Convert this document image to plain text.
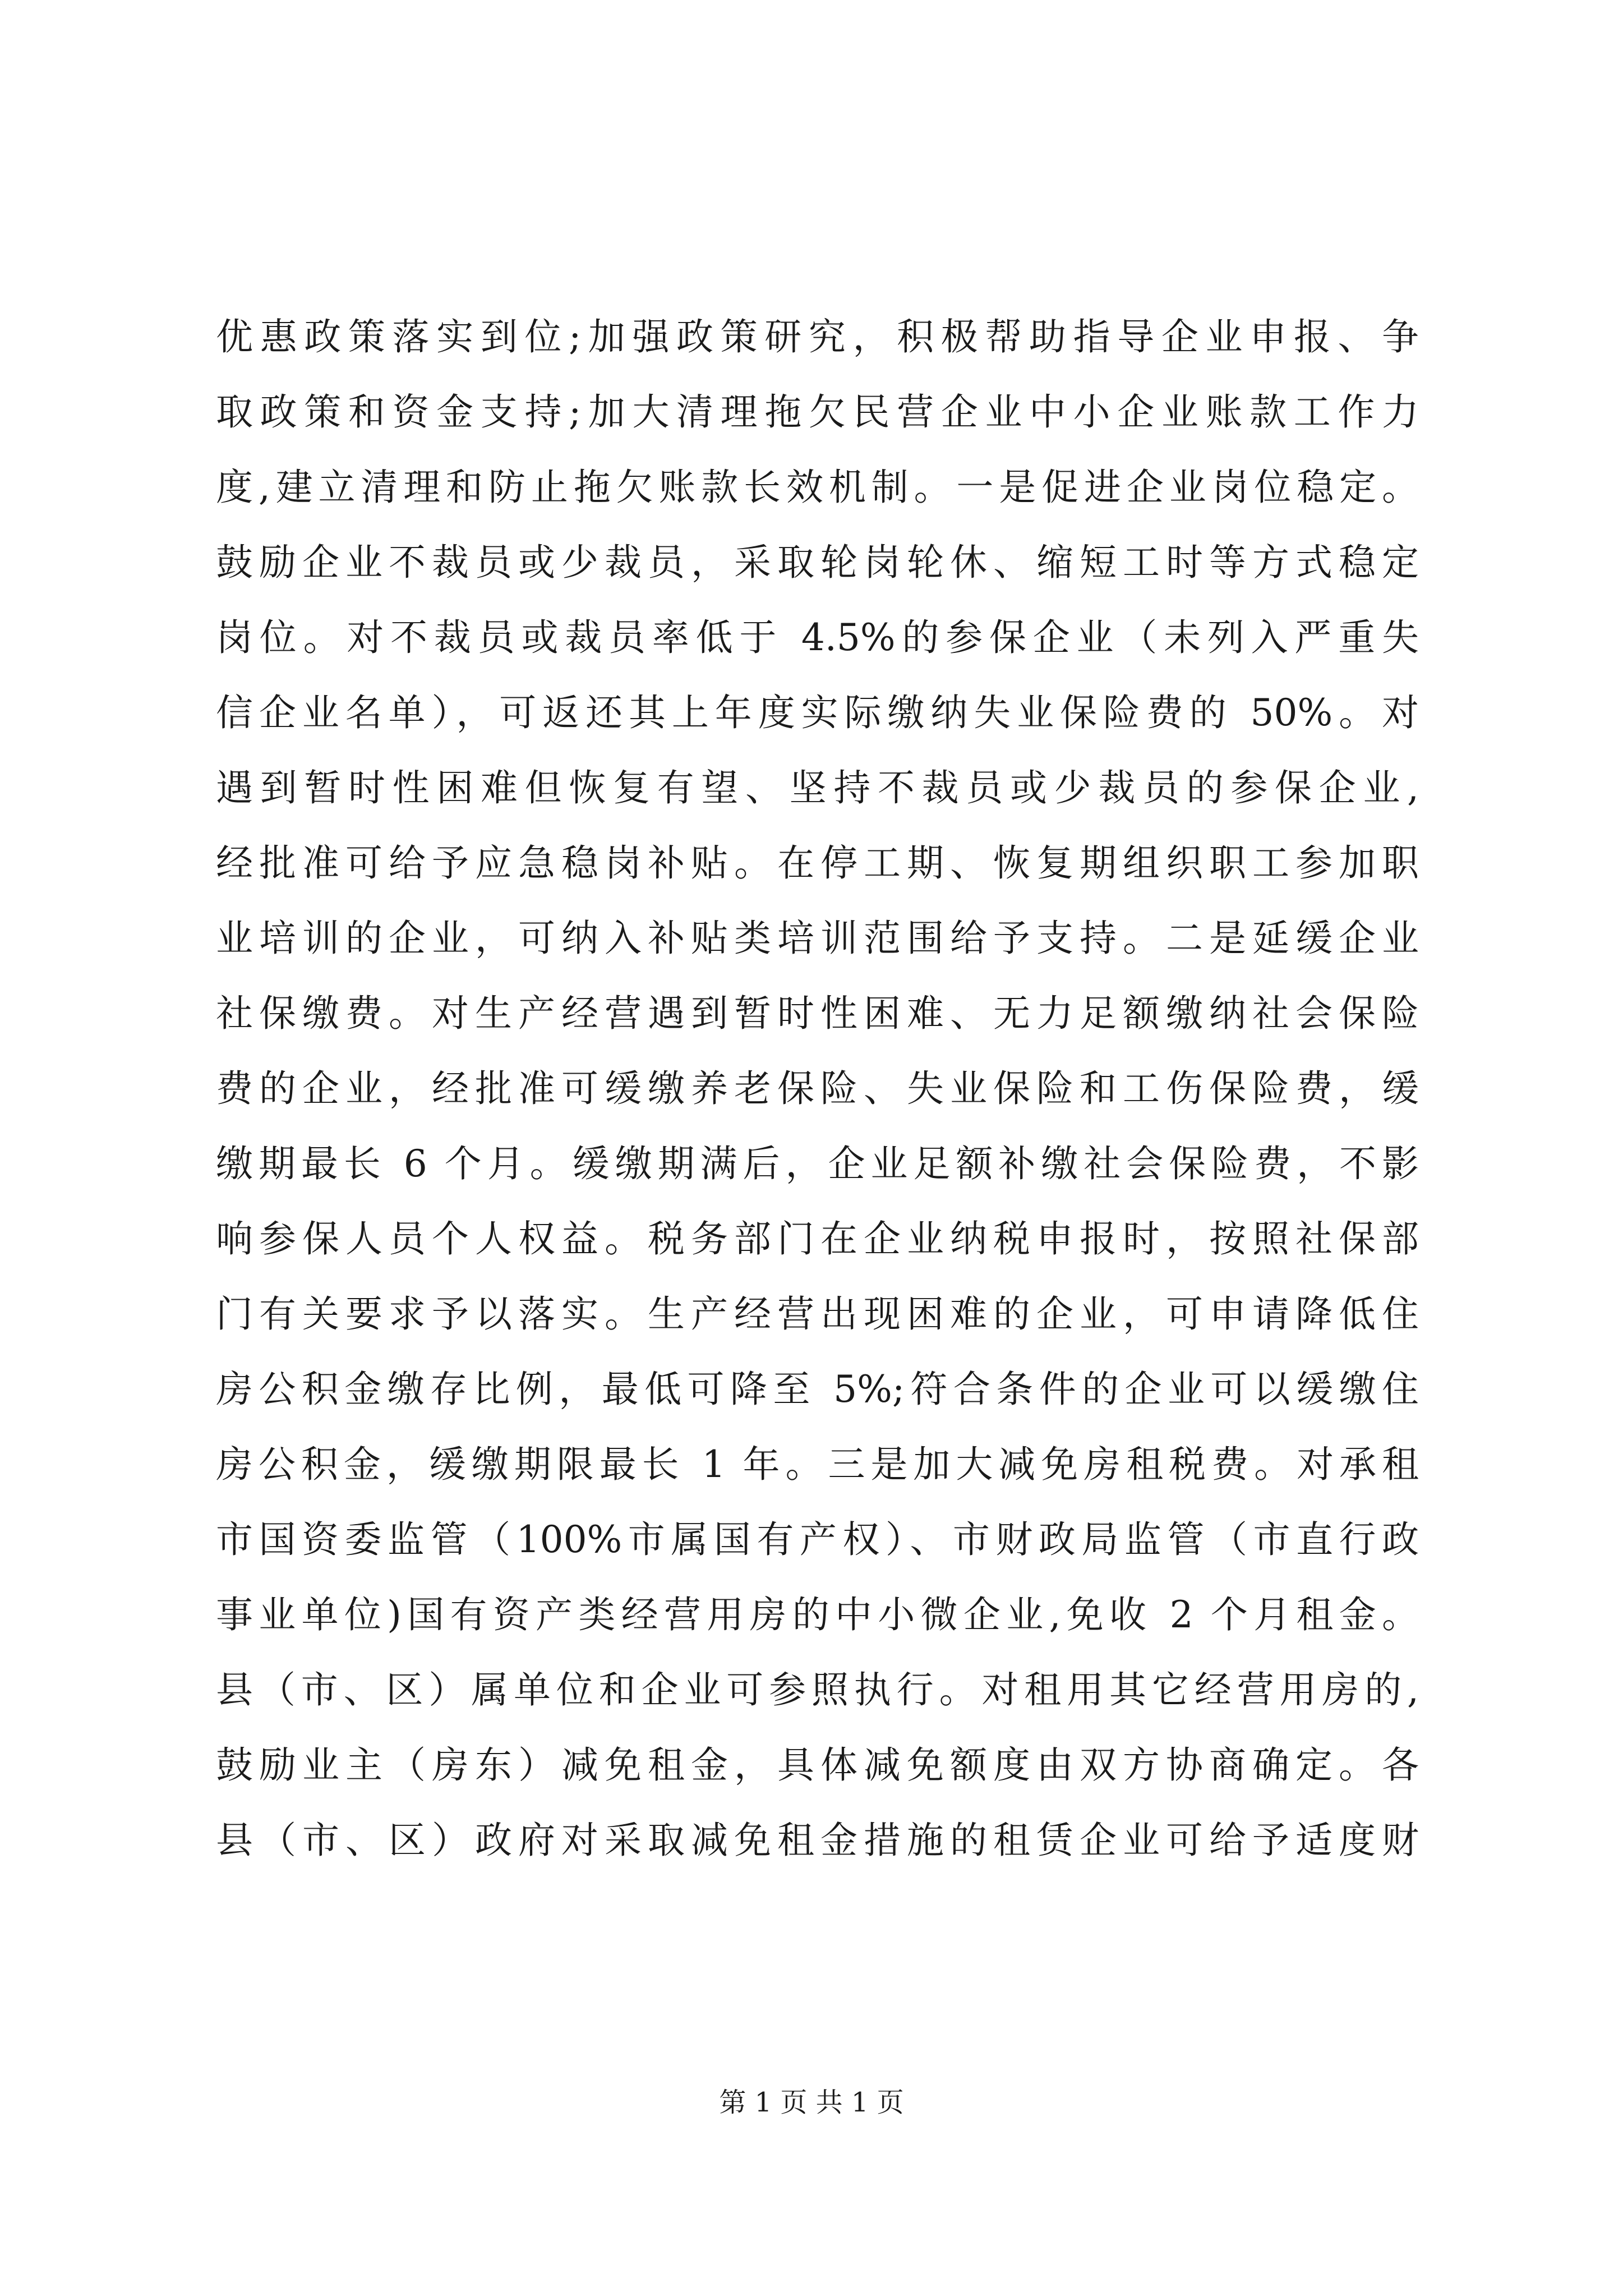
优惠政策落实到位;加强政策研究，积极帮助指导企业申报、争
取政策和资金支持;加大清理拖欠民营企业中小企业账款工作力
度,建立清理和防止拖欠账款长效机制。一是促进企业岗位稳定。
鼓励企业不裁员或少裁员，采取轮岗轮休、缩短工时等方式稳定
岗位。对不裁员或裁员率低于 4.5%的参保企业（未列入严重失
信企业名单），可返还其上年度实际缴纳失业保险费的 50%。对
遇到暂时性困难但恢复有望、坚持不裁员或少裁员的参保企业,
经批准可给予应急稳岗补贴。在停工期、恢复期组织职工参加职
业培训的企业，可纳入补贴类培训范围给予支持。二是延缓企业
社保缴费。对生产经营遇到暂时性困难、无力足额缴纳社会保险
费的企业，经批准可缓缴养老保险、失业保险和工伤保险费，缓
缴期最长 6 个月。缓缴期满后，企业足额补缴社会保险费，不影
响参保人员个人权益。税务部门在企业纳税申报时，按照社保部
门有关要求予以落实。生产经营出现困难的企业，可申请降低住
房公积金缴存比例，最低可降至 5%;符合条件的企业可以缓缴住
房公积金，缓缴期限最长 1 年。三是加大减免房租税费。对承租
市国资委监管（100%市属国有产权）、市财政局监管（市直行政
事业单位)国有资产类经营用房的中小微企业,免收 2 个月租金。
县（市、区）属单位和企业可参照执行。对租用其它经营用房的,
鼓励业主（房东）减免租金，具体减免额度由双方协商确定。各
县（市、区）政府对采取减免租金措施的租赁企业可给予适度财
第 1 页 共 1 页
